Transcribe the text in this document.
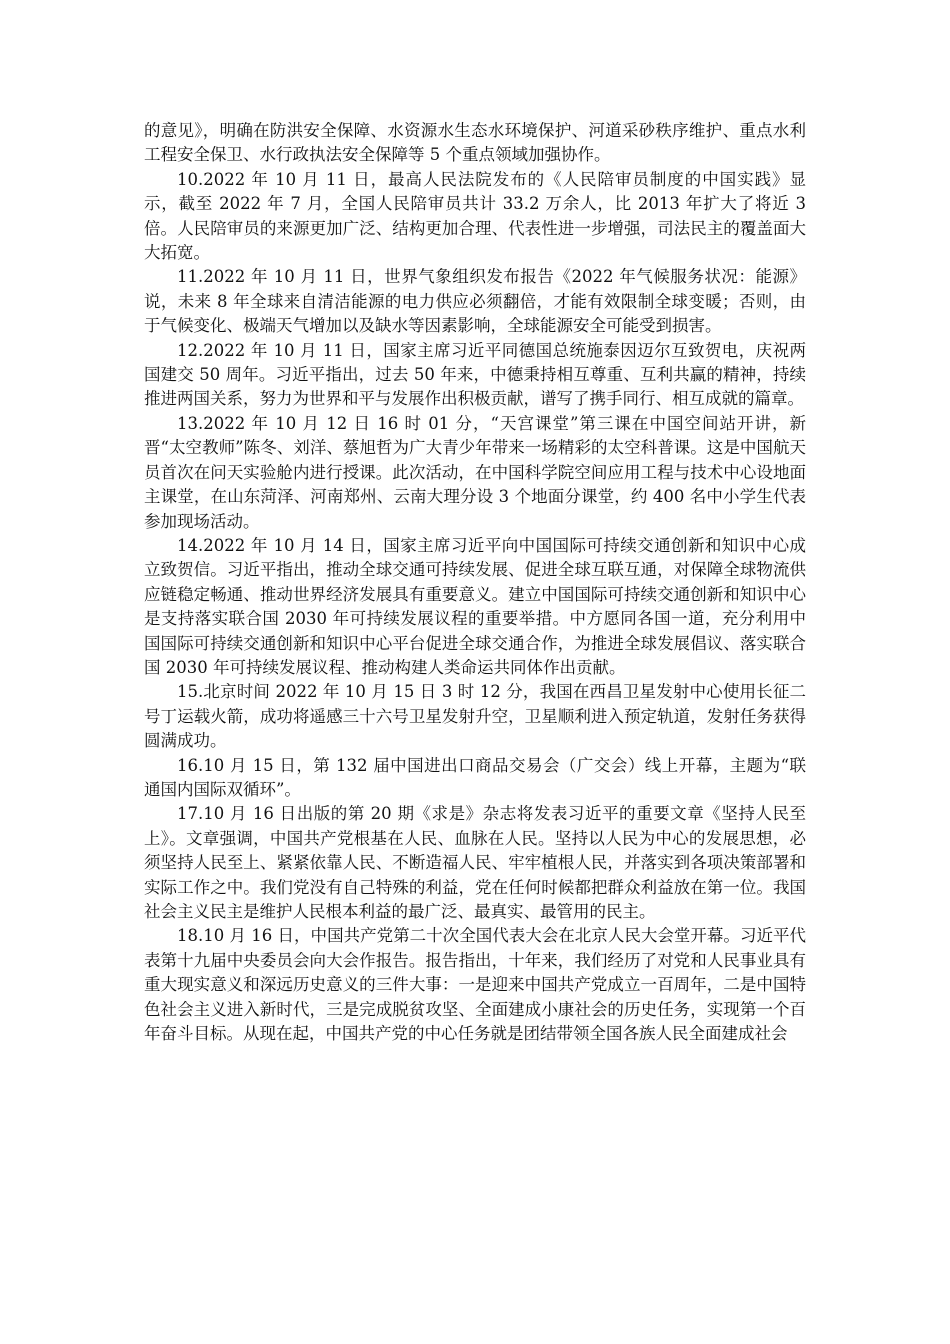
的意见》，明确在防洪安全保障、水资源水生态水环境保护、河道采砂秩序维护、重点水利工程安全保卫、水行政执法安全保障等 5 个重点领域加强协作。

10.2022 年 10 月 11 日，最高人民法院发布的《人民陪审员制度的中国实践》显示，截至 2022 年 7 月，全国人民陪审员共计 33.2 万余人，比 2013 年扩大了将近 3 倍。人民陪审员的来源更加广泛、结构更加合理、代表性进一步增强，司法民主的覆盖面大大拓宽。

11.2022 年 10 月 11 日，世界气象组织发布报告《2022 年气候服务状况：能源》说，未来 8 年全球来自清洁能源的电力供应必须翻倍，才能有效限制全球变暖；否则，由于气候变化、极端天气增加以及缺水等因素影响，全球能源安全可能受到损害。

12.2022 年 10 月 11 日，国家主席习近平同德国总统施泰因迈尔互致贺电，庆祝两国建交 50 周年。习近平指出，过去 50 年来，中德秉持相互尊重、互利共赢的精神，持续推进两国关系，努力为世界和平与发展作出积极贡献，谱写了携手同行、相互成就的篇章。

13.2022 年 10 月 12 日 16 时 01 分，“天宫课堂”第三课在中国空间站开讲，新晋“太空教师”陈冬、刘洋、蔡旭哲为广大青少年带来一场精彩的太空科普课。这是中国航天员首次在问天实验舱内进行授课。此次活动，在中国科学院空间应用工程与技术中心设地面主课堂，在山东菏泽、河南郑州、云南大理分设 3 个地面分课堂，约 400 名中小学生代表参加现场活动。

14.2022 年 10 月 14 日，国家主席习近平向中国国际可持续交通创新和知识中心成立致贺信。习近平指出，推动全球交通可持续发展、促进全球互联互通，对保障全球物流供应链稳定畅通、推动世界经济发展具有重要意义。建立中国国际可持续交通创新和知识中心是支持落实联合国 2030 年可持续发展议程的重要举措。中方愿同各国一道，充分利用中国国际可持续交通创新和知识中心平台促进全球交通合作，为推进全球发展倡议、落实联合国 2030 年可持续发展议程、推动构建人类命运共同体作出贡献。

15.北京时间 2022 年 10 月 15 日 3 时 12 分，我国在西昌卫星发射中心使用长征二号丁运载火箭，成功将遥感三十六号卫星发射升空，卫星顺利进入预定轨道，发射任务获得圆满成功。

16.10 月 15 日，第 132 届中国进出口商品交易会（广交会）线上开幕，主题为“联通国内国际双循环”。

17.10 月 16 日出版的第 20 期《求是》杂志将发表习近平的重要文章《坚持人民至上》。文章强调，中国共产党根基在人民、血脉在人民。坚持以人民为中心的发展思想，必须坚持人民至上、紧紧依靠人民、不断造福人民、牢牢植根人民，并落实到各项决策部署和实际工作之中。我们党没有自己特殊的利益，党在任何时候都把群众利益放在第一位。我国社会主义民主是维护人民根本利益的最广泛、最真实、最管用的民主。

18.10 月 16 日，中国共产党第二十次全国代表大会在北京人民大会堂开幕。习近平代表第十九届中央委员会向大会作报告。报告指出，十年来，我们经历了对党和人民事业具有重大现实意义和深远历史意义的三件大事：一是迎来中国共产党成立一百周年，二是中国特色社会主义进入新时代，三是完成脱贫攻坚、全面建成小康社会的历史任务，实现第一个百年奋斗目标。从现在起，中国共产党的中心任务就是团结带领全国各族人民全面建成社会
